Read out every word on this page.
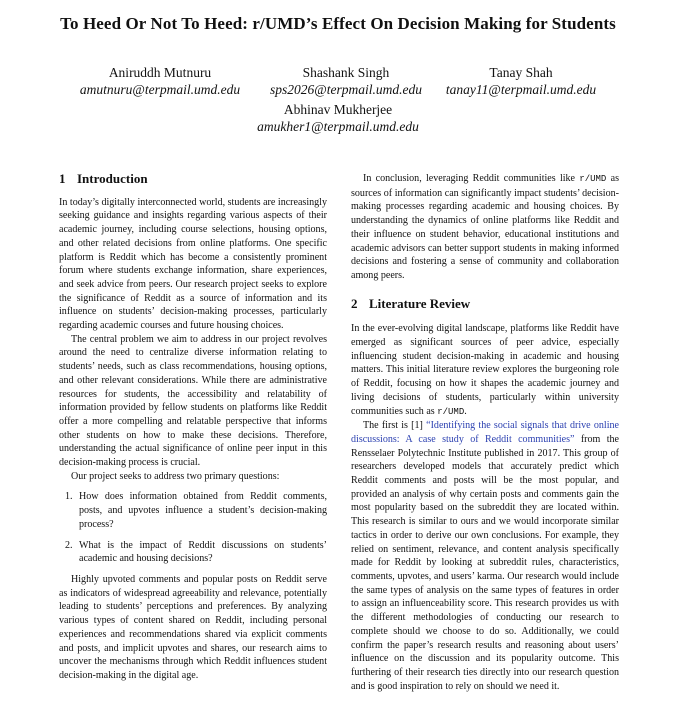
To Heed Or Not To Heed: r/UMD’s Effect On Decision Making for Students
Aniruddh Mutnuru
amutnuru@terpmail.umd.edu
Shashank Singh
sps2026@terpmail.umd.edu
Tanay Shah
tanay11@terpmail.umd.edu
Abhinav Mukherjee
amukher1@terpmail.umd.edu
1 Introduction

In today’s digitally interconnected world, students are increasingly seeking guidance and insights regarding various aspects of their academic journey, including course selections, housing options, and other related decisions from online platforms. One specific platform is Reddit which has become a consistently prominent forum where students exchange information, share experiences, and seek advice from peers. Our research project seeks to explore the significance of Reddit as a source of information and its influence on students’ decision-making processes, particularly regarding academic courses and future housing choices.

The central problem we aim to address in our project revolves around the need to centralize diverse information relating to students’ needs, such as class recommendations, housing options, and other relevant considerations. While there are administrative resources for students, the accessibility and relatability of information provided by fellow students on platforms like Reddit offer a more compelling and relatable perspective that informs other students on how to make these decisions. Therefore, understanding the actual significance of online peer input in this decision-making process is crucial.

Our project seeks to address two primary questions:

1. How does information obtained from Reddit comments, posts, and upvotes influence a student’s decision-making process?
2. What is the impact of Reddit discussions on students’ academic and housing decisions?

Highly upvoted comments and popular posts on Reddit serve as indicators of widespread agreeability and relevance, potentially leading to students’ perceptions and preferences. By analyzing various types of content shared on Reddit, including personal experiences and recommendations shared via explicit comments and posts, and implicit upvotes and shares, our research aims to uncover the mechanisms through which Reddit influences student decision-making in the digital age.

In conclusion, leveraging Reddit communities like r/UMD as sources of information can significantly impact students’ decision-making processes regarding academic and housing choices. By understanding the dynamics of online platforms like Reddit and their influence on student behavior, educational institutions and academic advisors can better support students in making informed decisions and fostering a sense of community and collaboration among peers.

2 Literature Review

In the ever-evolving digital landscape, platforms like Reddit have emerged as significant sources of peer advice, especially influencing student decision-making in academic and housing matters. This initial literature review explores the burgeoning role of Reddit, focusing on how it shapes the academic journey and living decisions of students, particularly within university communities such as r/UMD.

The first is [1] “Identifying the social signals that drive online discussions: A case study of Reddit communities” from the Rensselaer Polytechnic Institute published in 2017. This group of researchers developed models that accurately predict which Reddit comments and posts will be the most popular, and provided an analysis of why certain posts and comments gain the most popularity based on the subreddit they are located within. This research is similar to ours and we would incorporate similar tactics in order to derive our own conclusions. For example, they relied on sentiment, relevance, and content analysis specifically made for Reddit by looking at subreddit rules, characteristics, comments, upvotes, and users’ karma. Our research would include the same types of analysis on the same types of features in order to assign an influenceability score. This research provides us with the different methodologies of conducting our research to complete should we choose to do so. Additionally, we could confirm the paper’s research results and reasoning about users’ influence on the discussion and its popularity outcome. This furthering of their research ties directly into our research question and is good inspiration to rely on should we need it.
